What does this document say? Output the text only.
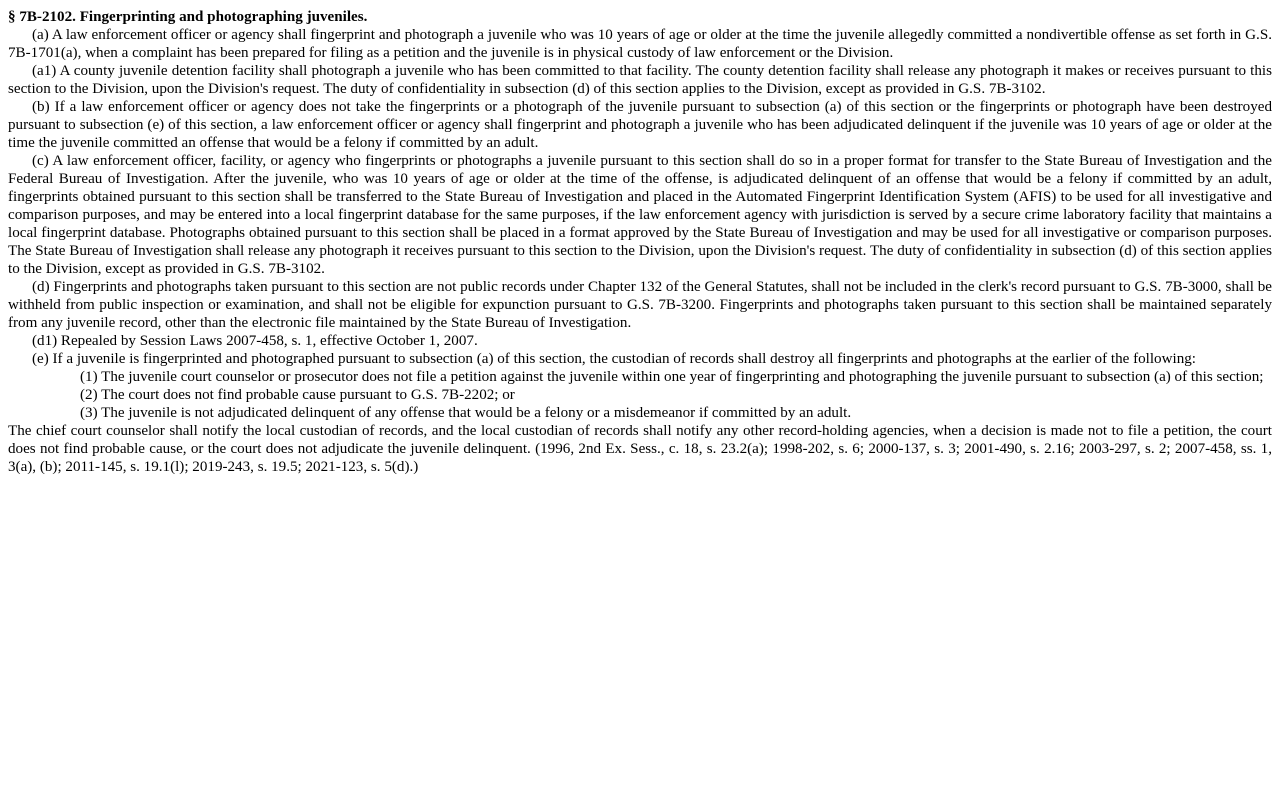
§ 7B-2102. Fingerprinting and photographing juveniles.

(a) A law enforcement officer or agency shall fingerprint and photograph a juvenile who was 10 years of age or older at the time the juvenile allegedly committed a nondivertible offense as set forth in G.S. 7B-1701(a), when a complaint has been prepared for filing as a petition and the juvenile is in physical custody of law enforcement or the Division.

(a1) A county juvenile detention facility shall photograph a juvenile who has been committed to that facility. The county detention facility shall release any photograph it makes or receives pursuant to this section to the Division, upon the Division's request. The duty of confidentiality in subsection (d) of this section applies to the Division, except as provided in G.S. 7B-3102.

(b) If a law enforcement officer or agency does not take the fingerprints or a photograph of the juvenile pursuant to subsection (a) of this section or the fingerprints or photograph have been destroyed pursuant to subsection (e) of this section, a law enforcement officer or agency shall fingerprint and photograph a juvenile who has been adjudicated delinquent if the juvenile was 10 years of age or older at the time the juvenile committed an offense that would be a felony if committed by an adult.

(c) A law enforcement officer, facility, or agency who fingerprints or photographs a juvenile pursuant to this section shall do so in a proper format for transfer to the State Bureau of Investigation and the Federal Bureau of Investigation. After the juvenile, who was 10 years of age or older at the time of the offense, is adjudicated delinquent of an offense that would be a felony if committed by an adult, fingerprints obtained pursuant to this section shall be transferred to the State Bureau of Investigation and placed in the Automated Fingerprint Identification System (AFIS) to be used for all investigative and comparison purposes, and may be entered into a local fingerprint database for the same purposes, if the law enforcement agency with jurisdiction is served by a secure crime laboratory facility that maintains a local fingerprint database. Photographs obtained pursuant to this section shall be placed in a format approved by the State Bureau of Investigation and may be used for all investigative or comparison purposes. The State Bureau of Investigation shall release any photograph it receives pursuant to this section to the Division, upon the Division's request. The duty of confidentiality in subsection (d) of this section applies to the Division, except as provided in G.S. 7B-3102.

(d) Fingerprints and photographs taken pursuant to this section are not public records under Chapter 132 of the General Statutes, shall not be included in the clerk's record pursuant to G.S. 7B-3000, shall be withheld from public inspection or examination, and shall not be eligible for expunction pursuant to G.S. 7B-3200. Fingerprints and photographs taken pursuant to this section shall be maintained separately from any juvenile record, other than the electronic file maintained by the State Bureau of Investigation.

(d1) Repealed by Session Laws 2007-458, s. 1, effective October 1, 2007.

(e) If a juvenile is fingerprinted and photographed pursuant to subsection (a) of this section, the custodian of records shall destroy all fingerprints and photographs at the earlier of the following:

(1) The juvenile court counselor or prosecutor does not file a petition against the juvenile within one year of fingerprinting and photographing the juvenile pursuant to subsection (a) of this section;

(2) The court does not find probable cause pursuant to G.S. 7B-2202; or

(3) The juvenile is not adjudicated delinquent of any offense that would be a felony or a misdemeanor if committed by an adult.

The chief court counselor shall notify the local custodian of records, and the local custodian of records shall notify any other record-holding agencies, when a decision is made not to file a petition, the court does not find probable cause, or the court does not adjudicate the juvenile delinquent. (1996, 2nd Ex. Sess., c. 18, s. 23.2(a); 1998-202, s. 6; 2000-137, s. 3; 2001-490, s. 2.16; 2003-297, s. 2; 2007-458, ss. 1, 3(a), (b); 2011-145, s. 19.1(l); 2019-243, s. 19.5; 2021-123, s. 5(d).)
